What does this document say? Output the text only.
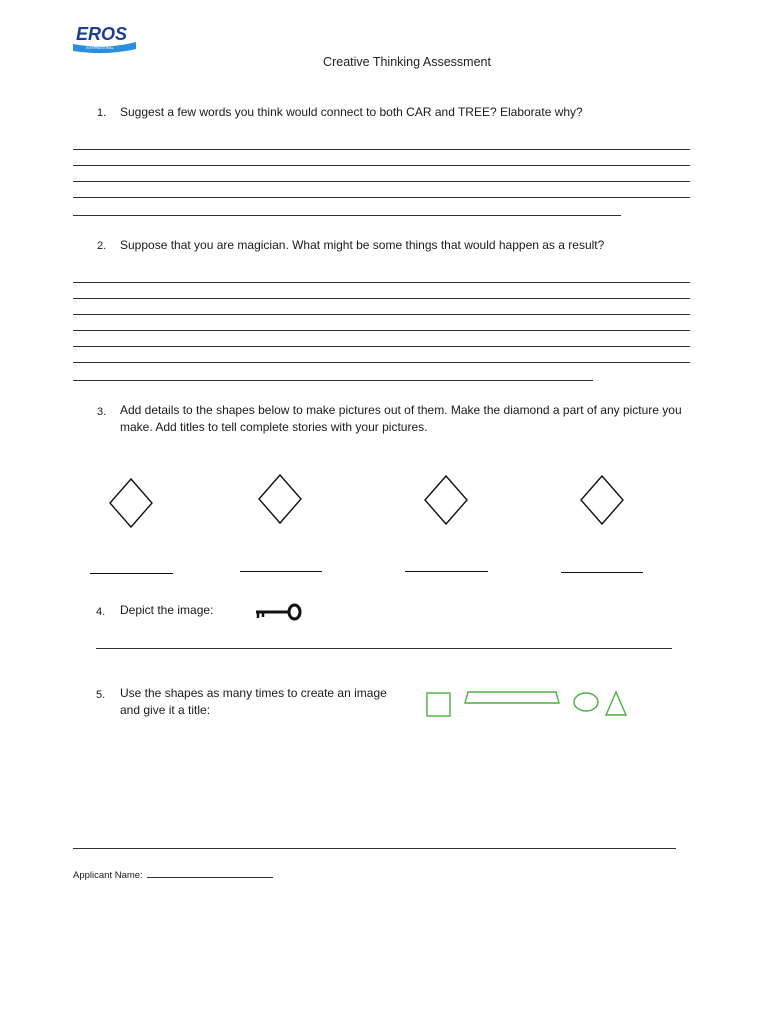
EROS
INTERNATIONAL
Creative Thinking Assessment
1. Suggest a few words you think would connect to both CAR and TREE? Elaborate why?
2. Suppose that you are magician. What might be some things that would happen as a result?
3. Add details to the shapes below to make pictures out of them. Make the diamond a part of any picture you make. Add titles to tell complete stories with your pictures.
4. Depict the image:
5. Use the shapes as many times to create an image and give it a title:
Applicant Name:
